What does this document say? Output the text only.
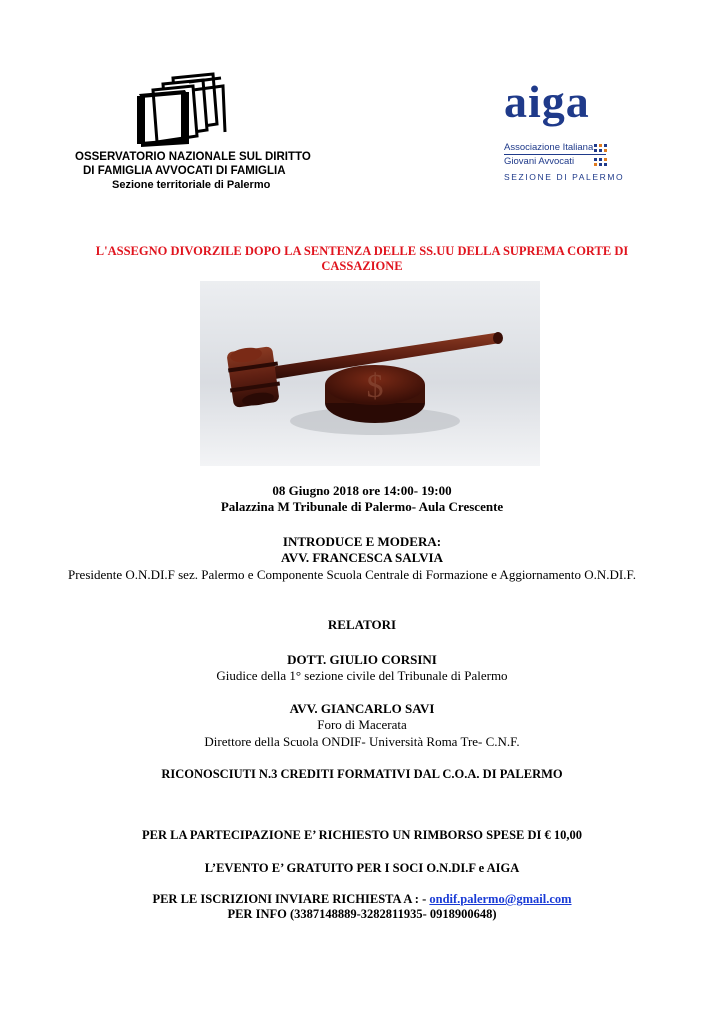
OSSERVATORIO NAZIONALE SUL DIRITTO
DI FAMIGLIA AVVOCATI DI FAMIGLIA
Sezione territoriale di Palermo
aiga
Associazione Italiana
Giovani Avvocati
SEZIONE DI PALERMO
L'ASSEGNO DIVORZILE DOPO LA SENTENZA DELLE SS.UU DELLA SUPREMA CORTE DI
CASSAZIONE
$
08 Giugno 2018 ore 14:00- 19:00
Palazzina M Tribunale di Palermo- Aula Crescente
INTRODUCE E MODERA:
AVV. FRANCESCA SALVIA
Presidente O.N.DI.F sez. Palermo e Componente Scuola Centrale di Formazione e Aggiornamento O.N.DI.F.
RELATORI
DOTT. GIULIO CORSINI
Giudice della 1° sezione civile del Tribunale di Palermo
AVV. GIANCARLO SAVI
Foro di Macerata
Direttore della Scuola ONDIF- Università Roma Tre- C.N.F.
RICONOSCIUTI N.3 CREDITI FORMATIVI DAL C.O.A. DI PALERMO
PER LA PARTECIPAZIONE E’ RICHIESTO UN RIMBORSO SPESE DI € 10,00
L’EVENTO E’ GRATUITO PER I SOCI O.N.DI.F e AIGA
PER LE ISCRIZIONI INVIARE RICHIESTA A : - ondif.palermo@gmail.com
PER INFO (3387148889-3282811935- 0918900648)
